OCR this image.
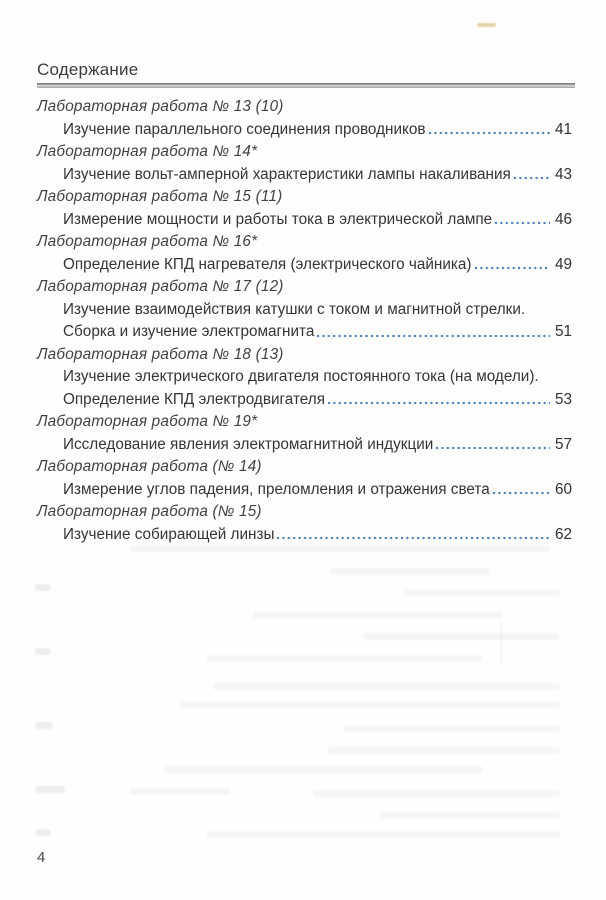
Содержание
Лабораторная работа № 13 (10)
Изучение параллельного соединения проводников	41
Лабораторная работа № 14*
Изучение вольт-амперной характеристики лампы накаливания	43
Лабораторная работа № 15 (11)
Измерение мощности и работы тока в электрической лампе	46
Лабораторная работа № 16*
Определение КПД нагревателя (электрического чайника)	49
Лабораторная работа № 17 (12)
Изучение взаимодействия катушки с током и магнитной стрелки.
Сборка и изучение электромагнита	51
Лабораторная работа № 18 (13)
Изучение электрического двигателя постоянного тока (на модели).
Определение КПД электродвигателя	53
Лабораторная работа № 19*
Исследование явления электромагнитной индукции	57
Лабораторная работа (№ 14)
Измерение углов падения, преломления и отражения света	60
Лабораторная работа (№ 15)
Изучение собирающей линзы	62
4
